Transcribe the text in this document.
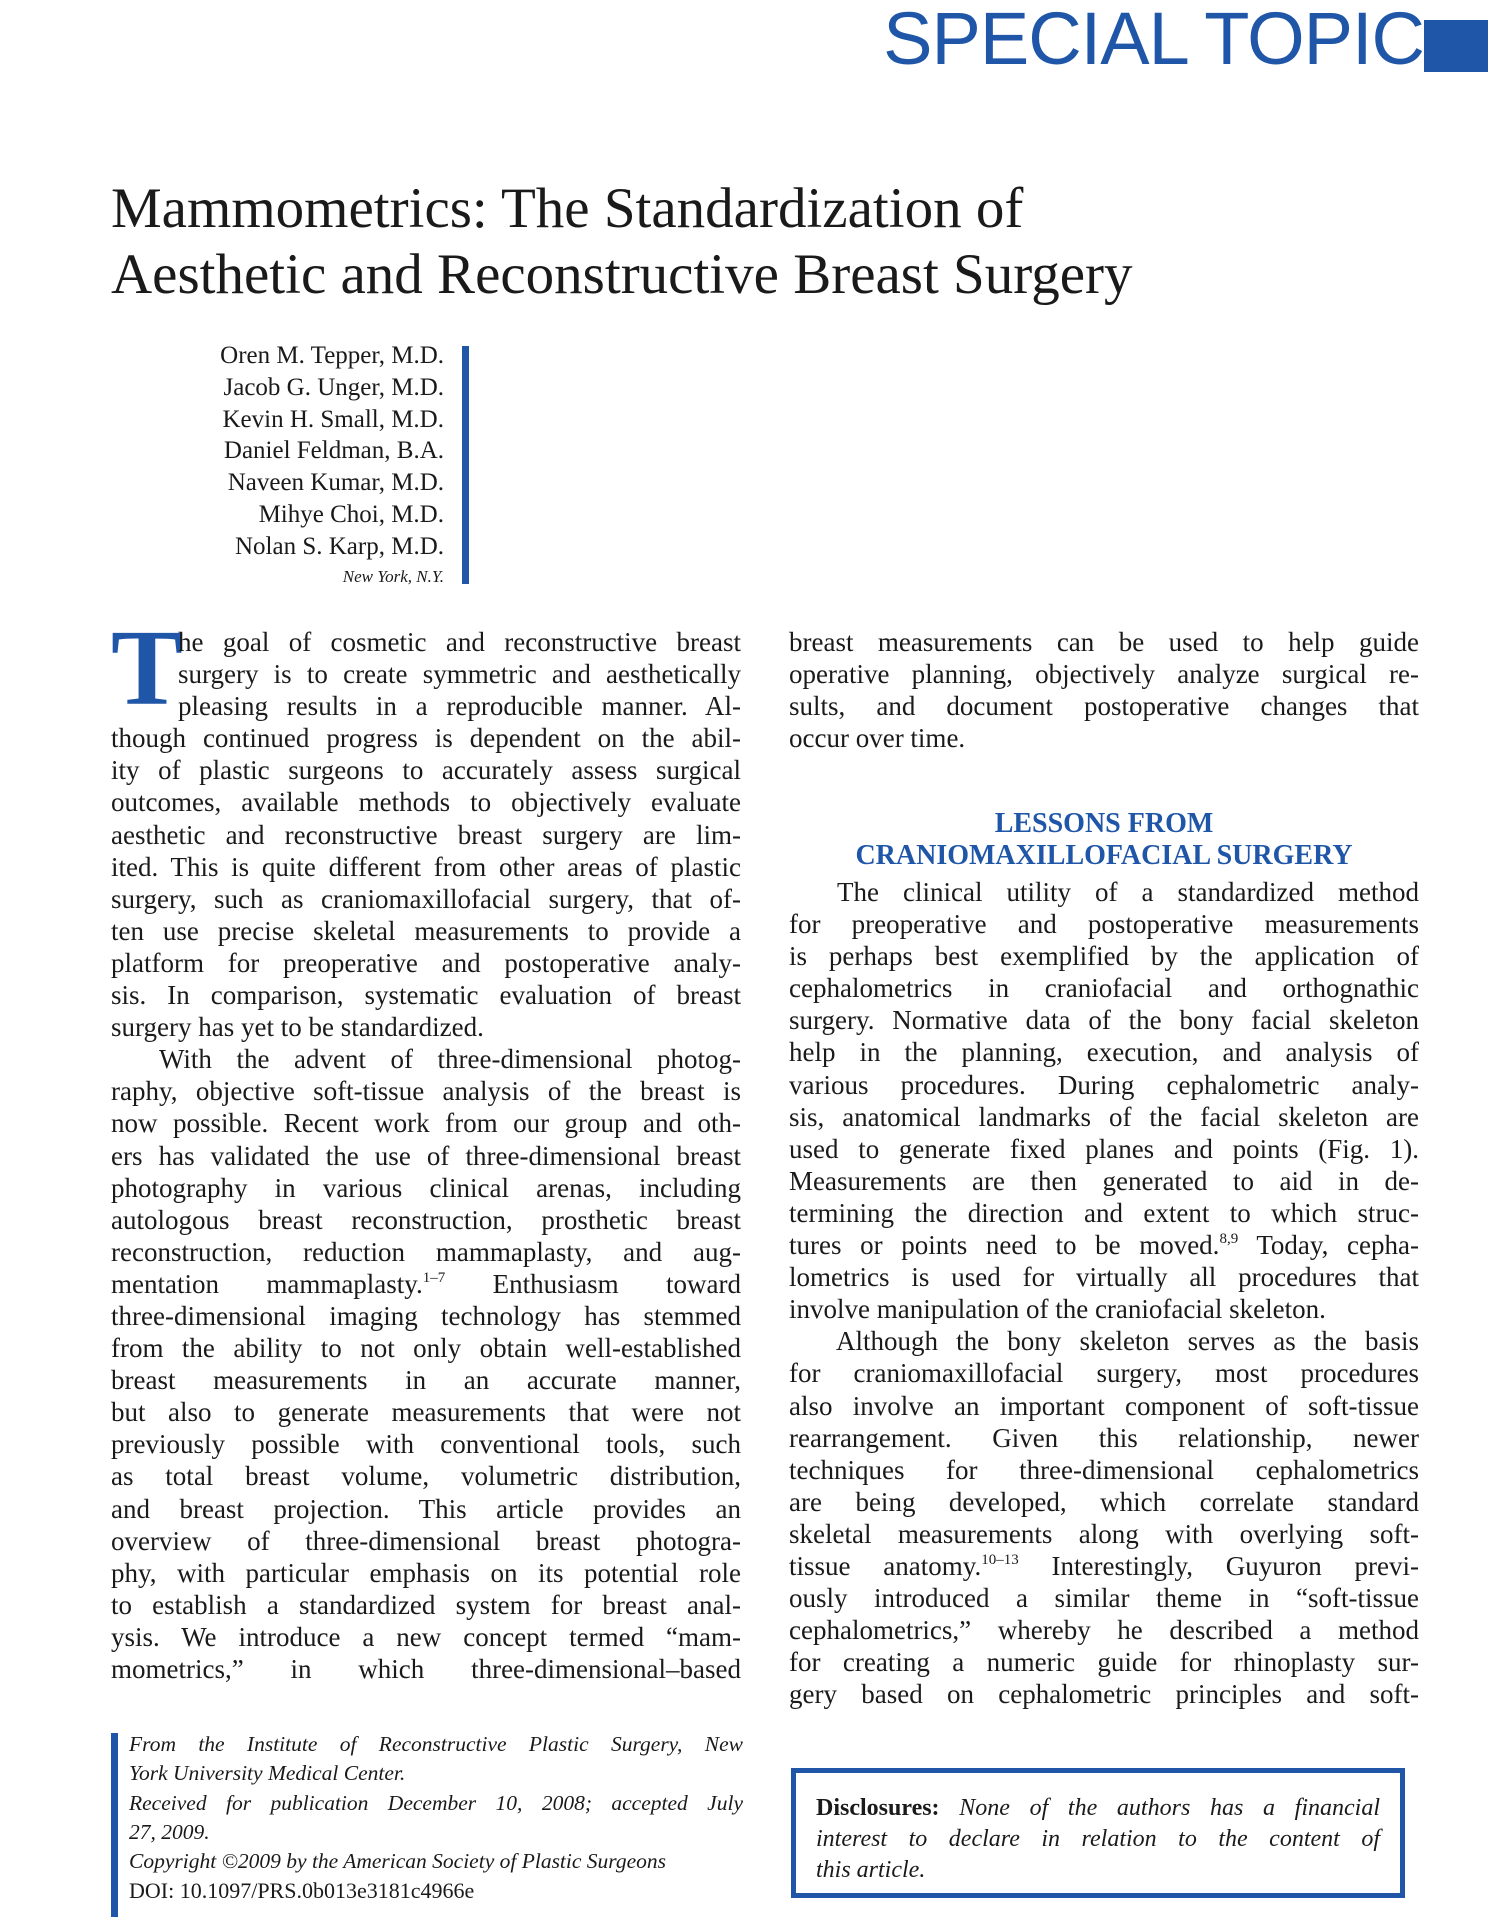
SPECIAL TOPIC
Mammometrics: The Standardization of
Aesthetic and Reconstructive Breast Surgery
Oren M. Tepper, M.D.
Jacob G. Unger, M.D.
Kevin H. Small, M.D.
Daniel Feldman, B.A.
Naveen Kumar, M.D.
Mihye Choi, M.D.
Nolan S. Karp, M.D.
New York, N.Y.
T
he goal of cosmetic and reconstructive breast
surgery is to create symmetric and aesthetically
pleasing results in a reproducible manner. Al-
though continued progress is dependent on the abil-
ity of plastic surgeons to accurately assess surgical
outcomes, available methods to objectively evaluate
aesthetic and reconstructive breast surgery are lim-
ited. This is quite different from other areas of plastic
surgery, such as craniomaxillofacial surgery, that of-
ten use precise skeletal measurements to provide a
platform for preoperative and postoperative analy-
sis. In comparison, systematic evaluation of breast
surgery has yet to be standardized.
With the advent of three-dimensional photog-
raphy, objective soft-tissue analysis of the breast is
now possible. Recent work from our group and oth-
ers has validated the use of three-dimensional breast
photography in various clinical arenas, including
autologous breast reconstruction, prosthetic breast
reconstruction, reduction mammaplasty, and aug-
mentation mammaplasty.$^{1-7}$ Enthusiasm toward
three-dimensional imaging technology has stemmed
from the ability to not only obtain well-established
breast measurements in an accurate manner,
but also to generate measurements that were not
previously possible with conventional tools, such
as total breast volume, volumetric distribution,
and breast projection. This article provides an
overview of three-dimensional breast photogra-
phy, with particular emphasis on its potential role
to establish a standardized system for breast anal-
ysis. We introduce a new concept termed “mam-
mometrics,” in which three-dimensional–based
breast measurements can be used to help guide
operative planning, objectively analyze surgical re-
sults, and document postoperative changes that
occur over time.
LESSONS FROM
CRANIOMAXILLOFACIAL SURGERY
The clinical utility of a standardized method
for preoperative and postoperative measurements
is perhaps best exemplified by the application of
cephalometrics in craniofacial and orthognathic
surgery. Normative data of the bony facial skeleton
help in the planning, execution, and analysis of
various procedures. During cephalometric analy-
sis, anatomical landmarks of the facial skeleton are
used to generate fixed planes and points (Fig. 1).
Measurements are then generated to aid in de-
termining the direction and extent to which struc-
tures or points need to be moved.$^{8,9}$ Today, cepha-
lometrics is used for virtually all procedures that
involve manipulation of the craniofacial skeleton.
Although the bony skeleton serves as the basis
for craniomaxillofacial surgery, most procedures
also involve an important component of soft-tissue
rearrangement. Given this relationship, newer
techniques for three-dimensional cephalometrics
are being developed, which correlate standard
skeletal measurements along with overlying soft-
tissue anatomy.$^{10-13}$ Interestingly, Guyuron previ-
ously introduced a similar theme in “soft-tissue
cephalometrics,” whereby he described a method
for creating a numeric guide for rhinoplasty sur-
gery based on cephalometric principles and soft-
From the Institute of Reconstructive Plastic Surgery, New
York University Medical Center.
Received for publication December 10, 2008; accepted July
27, 2009.
Copyright ©2009 by the American Society of Plastic Surgeons
DOI: 10.1097/PRS.0b013e3181c4966e
Disclosures: None of the authors has a financial
interest to declare in relation to the content of
this article.
